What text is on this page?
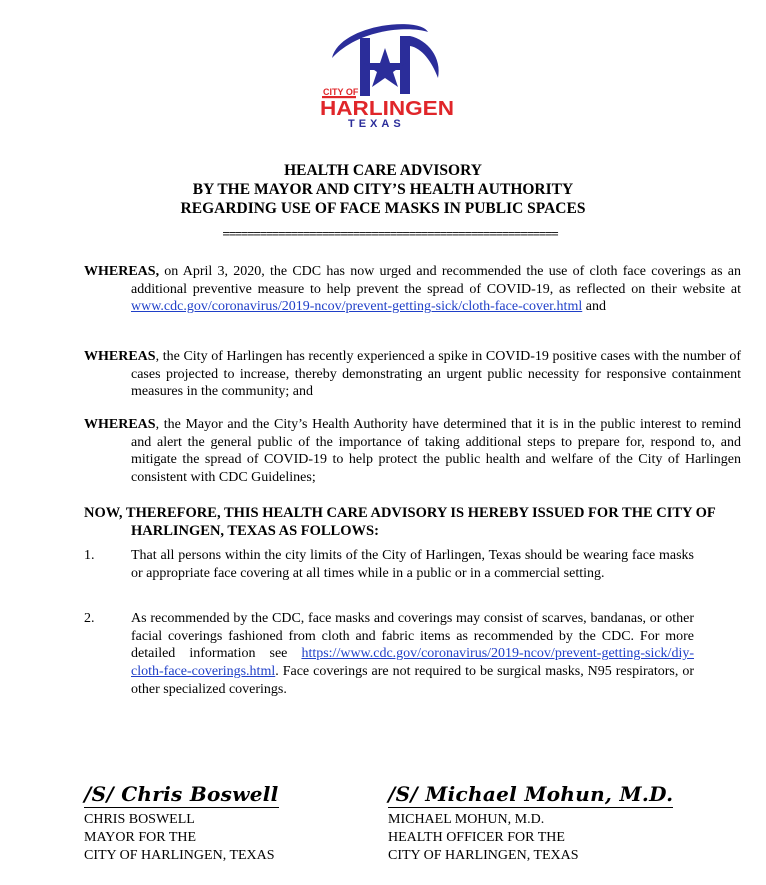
CITY OF
HARLINGEN
TEXAS
HEALTH CARE ADVISORY
BY THE MAYOR AND CITY’S HEALTH AUTHORITY
REGARDING USE OF FACE MASKS IN PUBLIC SPACES
======================================================
WHEREAS, on April 3, 2020, the CDC has now urged and recommended the use of cloth face coverings as an additional preventive measure to help prevent the spread of COVID-19, as reflected on their website at www.cdc.gov/coronavirus/2019-ncov/prevent-getting-sick/cloth-face-cover.html and
WHEREAS, the City of Harlingen has recently experienced a spike in COVID-19 positive cases with the number of cases projected to increase, thereby demonstrating an urgent public necessity for responsive containment measures in the community; and
WHEREAS, the Mayor and the City’s Health Authority have determined that it is in the public interest to remind and alert the general public of the importance of taking additional steps to prepare for, respond to, and mitigate the spread of COVID-19 to help protect the public health and welfare of the City of Harlingen consistent with CDC Guidelines;
NOW, THEREFORE, THIS HEALTH CARE ADVISORY IS HEREBY ISSUED FOR THE CITY OF HARLINGEN, TEXAS AS FOLLOWS:
1.	That all persons within the city limits of the City of Harlingen, Texas should be wearing face masks or appropriate face covering at all times while in a public or in a commercial setting.
2.	As recommended by the CDC, face masks and coverings may consist of scarves, bandanas, or other facial coverings fashioned from cloth and fabric items as recommended by the CDC. For more detailed information see https://www.cdc.gov/coronavirus/2019-ncov/prevent-getting-sick/diy-cloth-face-coverings.html. Face coverings are not required to be surgical masks, N95 respirators, or other specialized coverings.
/S/ Chris Boswell
CHRIS BOSWELL
MAYOR FOR THE
CITY OF HARLINGEN, TEXAS
/S/ Michael Mohun, M.D.
MICHAEL MOHUN, M.D.
HEALTH OFFICER FOR THE
CITY OF HARLINGEN, TEXAS
